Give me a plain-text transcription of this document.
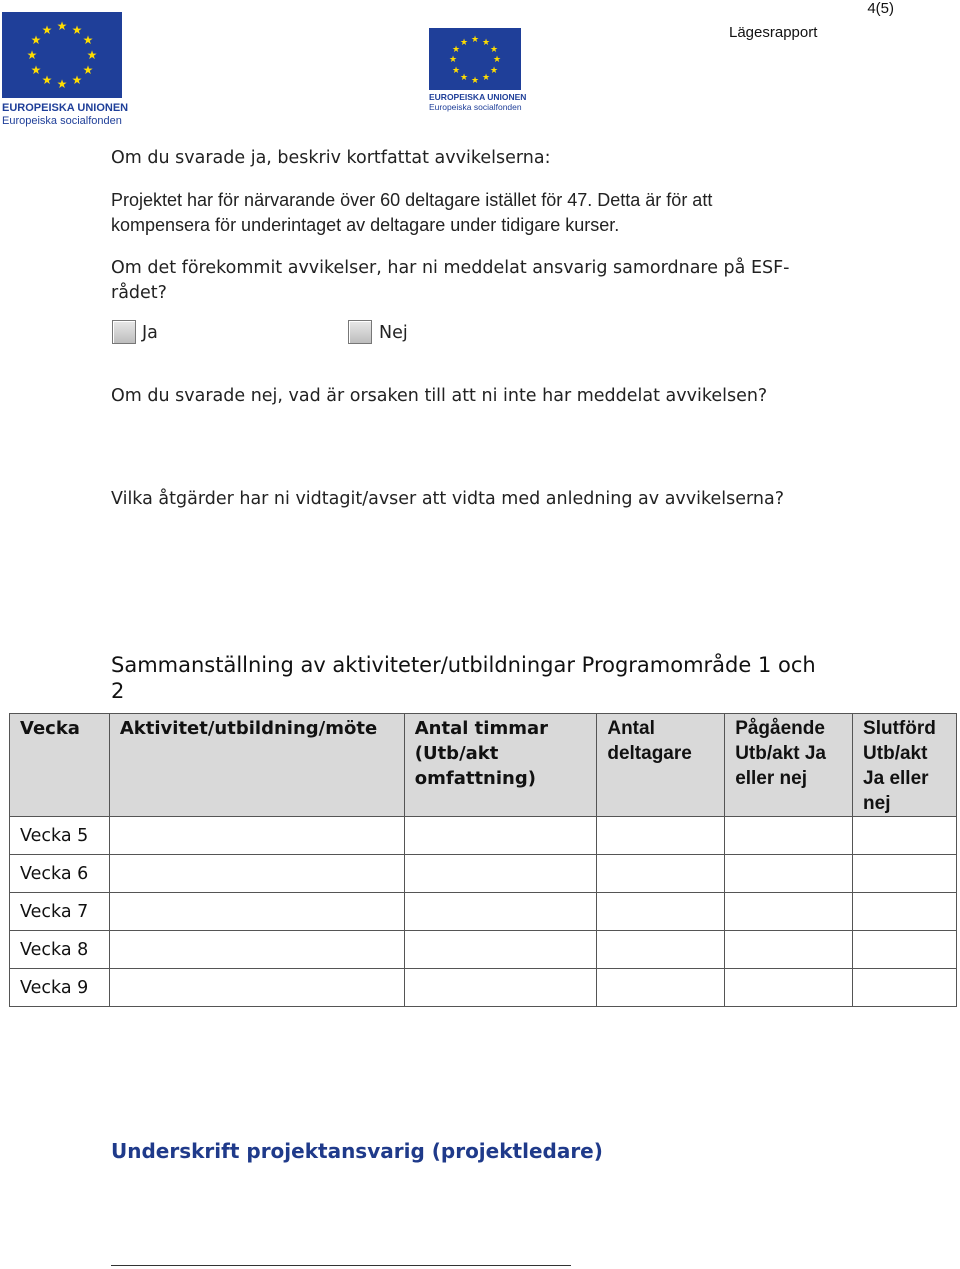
4(5)
Lägesrapport
★ ★
★
★
★
★
★
★
★
★
★
★
EUROPEISKA UNIONEN
Europeiska socialfonden
★ ★
★
★
★
★
★
★
★
★
★
★
EUROPEISKA UNIONEN
Europeiska socialfonden
Om du svarade ja, beskriv kortfattat avvikelserna:
Projektet har för närvarande över 60 deltagare istället för 47. Detta är för att
kompensera för underintaget av deltagare under tidigare kurser.
Om det förekommit avvikelser, har ni meddelat ansvarig samordnare på ESF-
rådet?
Ja	Nej
Om du svarade nej, vad är orsaken till att ni inte har meddelat avvikelsen?
Vilka åtgärder har ni vidtagit/avser att vidta med anledning av avvikelserna?
Sammanställning av aktiviteter/utbildningar Programområde 1 och
2
Vecka	Aktivitet/utbildning/möte	Antal timmar (Utb/akt omfattning)	Antal deltagare	Pågående Utb/akt Ja eller nej	Slutförd Utb/akt Ja eller nej
Vecka 5					
Vecka 6					
Vecka 7					
Vecka 8					
Vecka 9					
Underskrift projektansvarig (projektledare)
